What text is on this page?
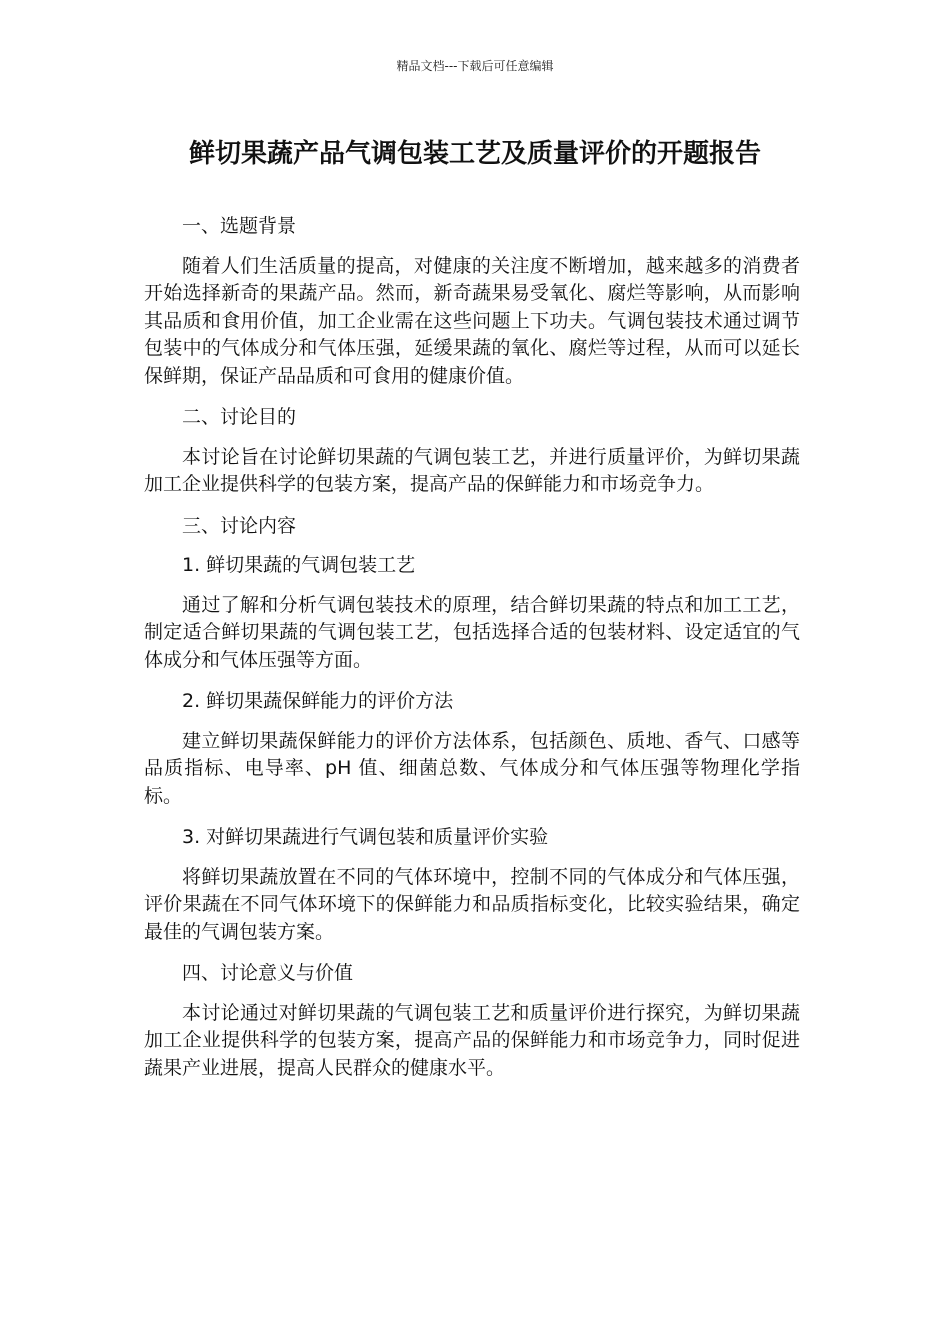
精品文档---下载后可任意编辑
鲜切果蔬产品气调包装工艺及质量评价的开题报告

一、选题背景

随着人们生活质量的提高，对健康的关注度不断增加，越来越多的消费者开始选择新奇的果蔬产品。然而，新奇蔬果易受氧化、腐烂等影响，从而影响其品质和食用价值，加工企业需在这些问题上下功夫。气调包装技术通过调节包装中的气体成分和气体压强，延缓果蔬的氧化、腐烂等过程，从而可以延长保鲜期，保证产品品质和可食用的健康价值。

二、讨论目的

本讨论旨在讨论鲜切果蔬的气调包装工艺，并进行质量评价，为鲜切果蔬加工企业提供科学的包装方案，提高产品的保鲜能力和市场竞争力。

三、讨论内容

1. 鲜切果蔬的气调包装工艺

通过了解和分析气调包装技术的原理，结合鲜切果蔬的特点和加工工艺，制定适合鲜切果蔬的气调包装工艺，包括选择合适的包装材料、设定适宜的气体成分和气体压强等方面。

2. 鲜切果蔬保鲜能力的评价方法

建立鲜切果蔬保鲜能力的评价方法体系，包括颜色、质地、香气、口感等品质指标、电导率、pH 值、细菌总数、气体成分和气体压强等物理化学指标。

3. 对鲜切果蔬进行气调包装和质量评价实验

将鲜切果蔬放置在不同的气体环境中，控制不同的气体成分和气体压强，评价果蔬在不同气体环境下的保鲜能力和品质指标变化，比较实验结果，确定最佳的气调包装方案。

四、讨论意义与价值

本讨论通过对鲜切果蔬的气调包装工艺和质量评价进行探究，为鲜切果蔬加工企业提供科学的包装方案，提高产品的保鲜能力和市场竞争力，同时促进蔬果产业进展，提高人民群众的健康水平。
